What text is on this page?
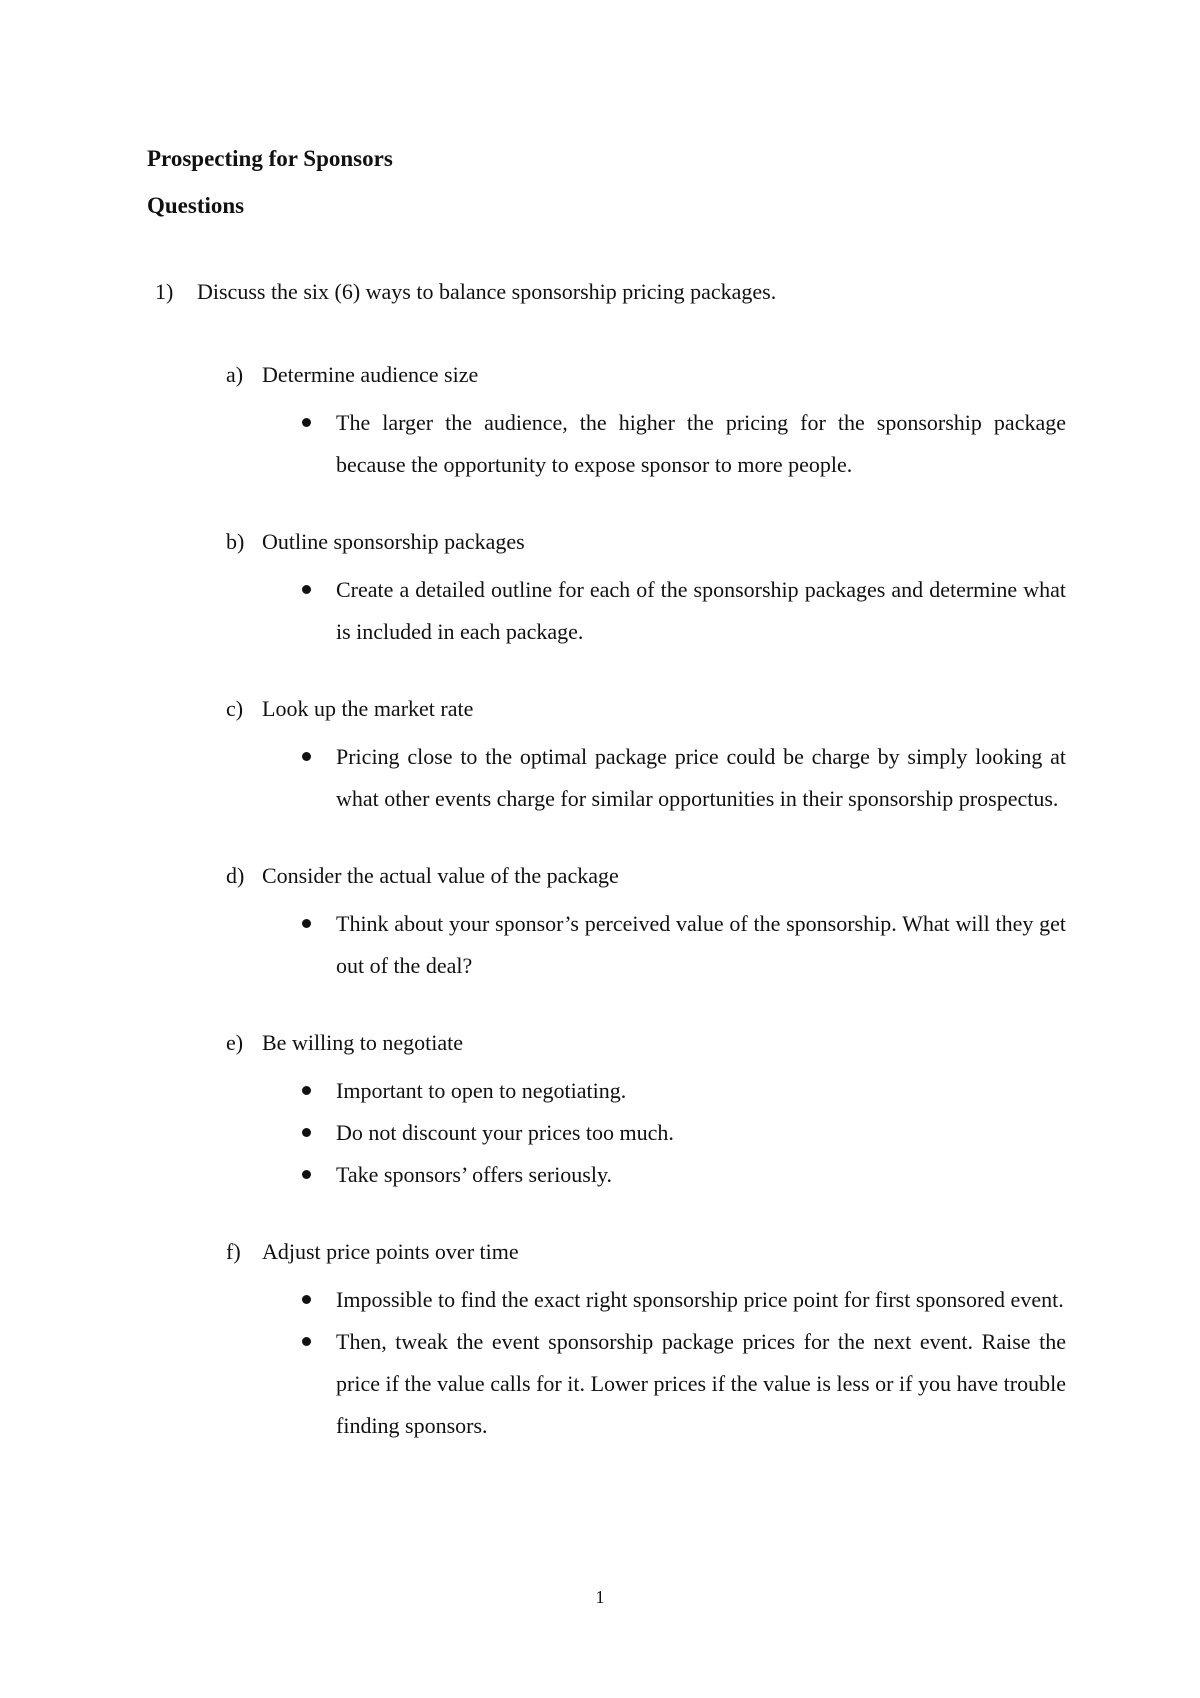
Prospecting for Sponsors
Questions
1) Discuss the six (6) ways to balance sponsorship pricing packages.
a) Determine audience size
The larger the audience, the higher the pricing for the sponsorship package because the opportunity to expose sponsor to more people.
b) Outline sponsorship packages
Create a detailed outline for each of the sponsorship packages and determine what is included in each package.
c) Look up the market rate
Pricing close to the optimal package price could be charge by simply looking at what other events charge for similar opportunities in their sponsorship prospectus.
d) Consider the actual value of the package
Think about your sponsor’s perceived value of the sponsorship. What will they get out of the deal?
e) Be willing to negotiate
Important to open to negotiating.
Do not discount your prices too much.
Take sponsors’ offers seriously.
f) Adjust price points over time
Impossible to find the exact right sponsorship price point for first sponsored event.
Then, tweak the event sponsorship package prices for the next event. Raise the price if the value calls for it. Lower prices if the value is less or if you have trouble finding sponsors.
1
